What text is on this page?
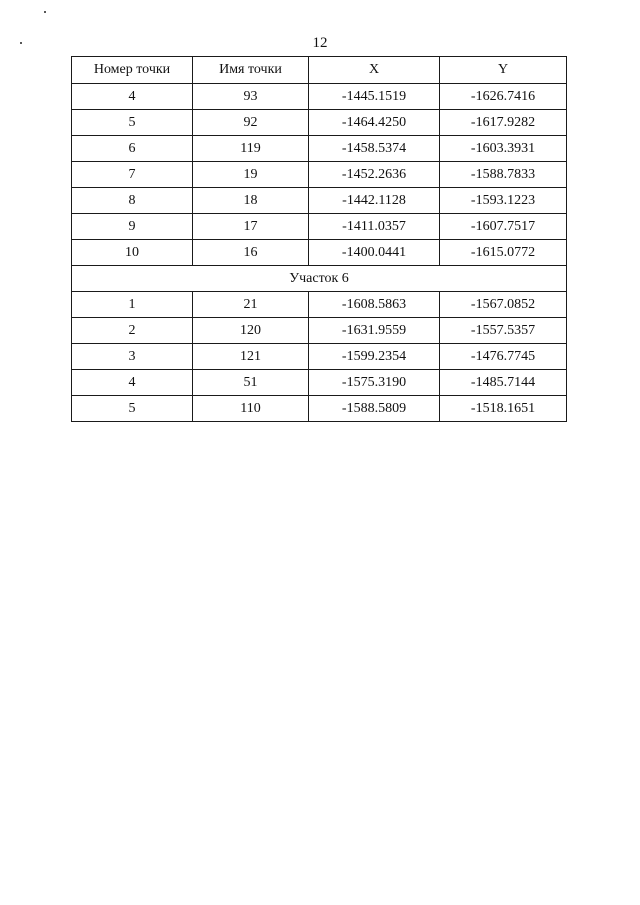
12
Номер точки	Имя точки	X	Y
4	93	-1445.1519	-1626.7416
5	92	-1464.4250	-1617.9282
6	119	-1458.5374	-1603.3931
7	19	-1452.2636	-1588.7833
8	18	-1442.1128	-1593.1223
9	17	-1411.0357	-1607.7517
10	16	-1400.0441	-1615.0772
Участок 6			
1	21	-1608.5863	-1567.0852
2	120	-1631.9559	-1557.5357
3	121	-1599.2354	-1476.7745
4	51	-1575.3190	-1485.7144
5	110	-1588.5809	-1518.1651
